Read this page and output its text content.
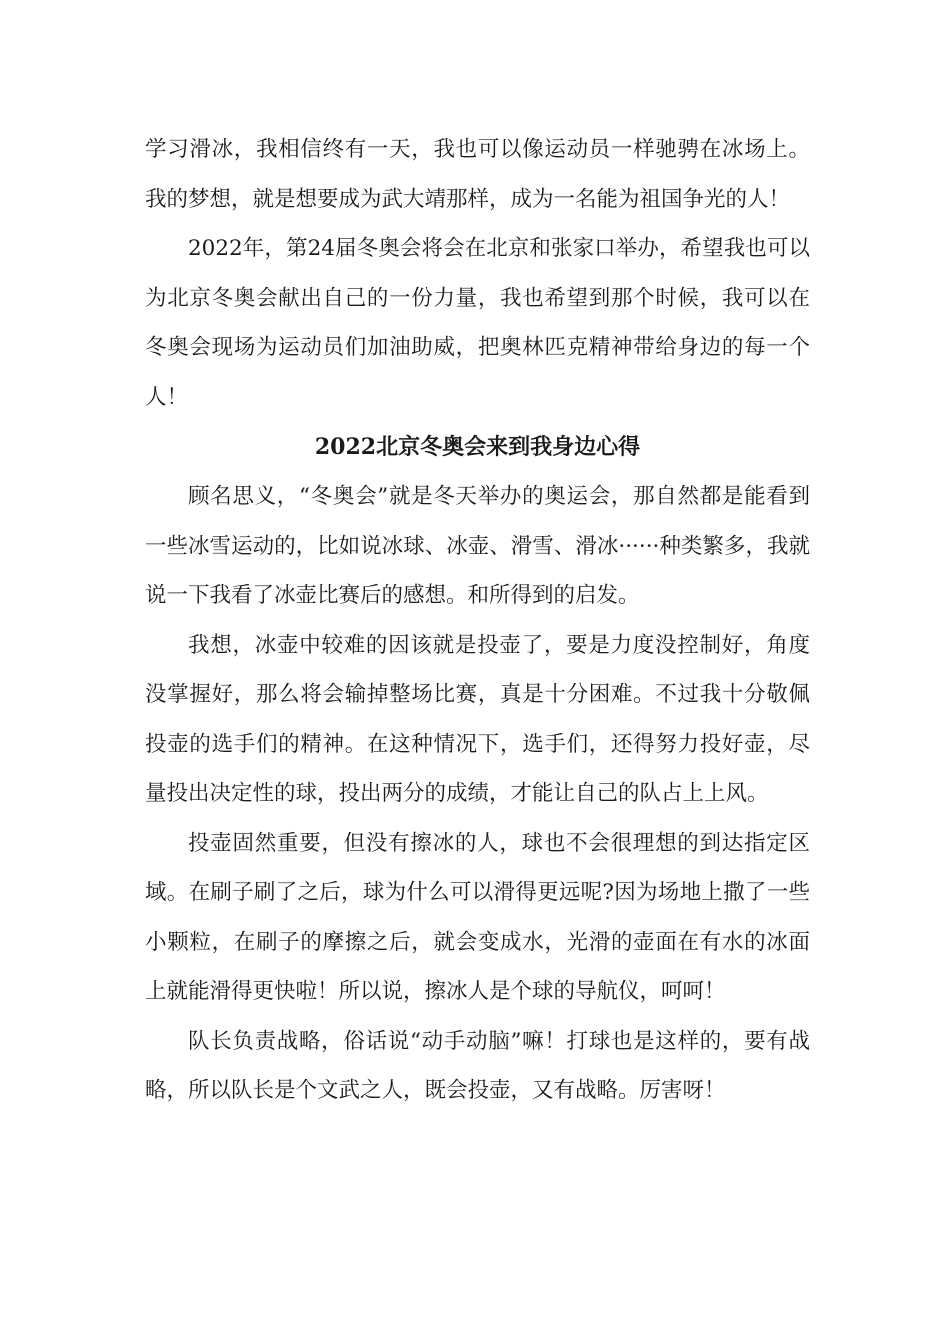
学习滑冰，我相信终有一天，我也可以像运动员一样驰骋在冰场上。我的梦想，就是想要成为武大靖那样，成为一名能为祖国争光的人！

2022年，第24届冬奥会将会在北京和张家口举办，希望我也可以为北京冬奥会献出自己的一份力量，我也希望到那个时候，我可以在冬奥会现场为运动员们加油助威，把奥林匹克精神带给身边的每一个人！

2022北京冬奥会来到我身边心得

顾名思义，“冬奥会”就是冬天举办的奥运会，那自然都是能看到一些冰雪运动的，比如说冰球、冰壶、滑雪、滑冰······种类繁多，我就说一下我看了冰壶比赛后的感想。和所得到的启发。

我想，冰壶中较难的因该就是投壶了，要是力度没控制好，角度没掌握好，那么将会输掉整场比赛，真是十分困难。不过我十分敬佩投壶的选手们的精神。在这种情况下，选手们，还得努力投好壶，尽量投出决定性的球，投出两分的成绩，才能让自己的队占上上风。

投壶固然重要，但没有擦冰的人，球也不会很理想的到达指定区域。在刷子刷了之后，球为什么可以滑得更远呢?因为场地上撒了一些小颗粒，在刷子的摩擦之后，就会变成水，光滑的壶面在有水的冰面上就能滑得更快啦！所以说，擦冰人是个球的导航仪，呵呵！

队长负责战略，俗话说“动手动脑”嘛！打球也是这样的，要有战略，所以队长是个文武之人，既会投壶，又有战略。厉害呀！
